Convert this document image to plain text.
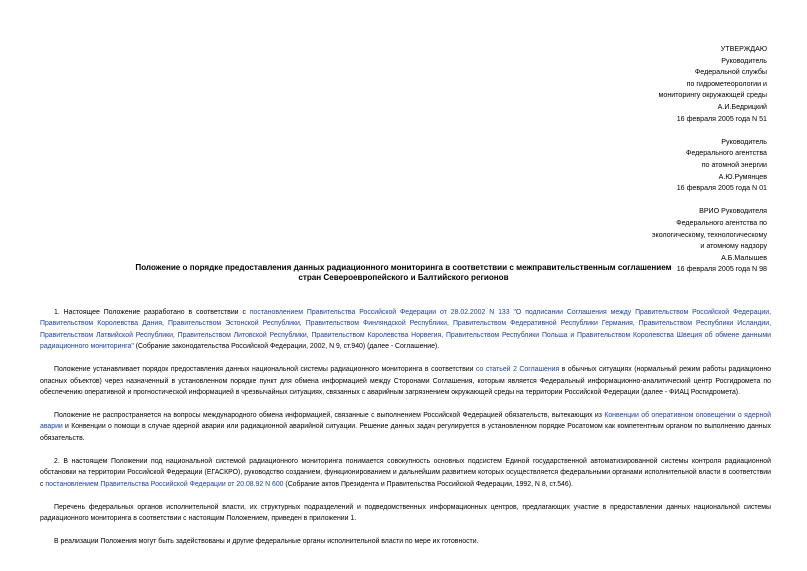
УТВЕРЖДАЮ
Руководитель
Федеральной службы
по гидрометеорологии и
мониторингу окружающей среды
А.И.Бедрицкий
16 февраля 2005 года N 51
Руководитель
Федерального агентства
по атомной энергии
А.Ю.Румянцев
16 февраля 2005 года N 01
ВРИО Руководителя
Федерального агентства по
экологическому, технологическому
и атомному надзору
А.Б.Малышев
16 февраля 2005 года N 98
Положение о порядке предоставления данных радиационного мониторинга в соответствии с межправительственным соглашением
стран Североевропейского и Балтийского регионов

1. Настоящее Положение разработано в соответствии с постановлением Правительства Российской Федерации от 28.02.2002 N 133 "О подписании Соглашения между Правительством Российской Федерации, Правительством Королевства Дания, Правительством Эстонской Республики, Правительством Финляндской Республики, Правительством Федеративной Республики Германия, Правительством Республики Исландии, Правительством Латвийской Республики, Правительством Литовской Республики, Правительством Королевства Норвегия, Правительством Республики Польша и Правительством Королевства Швеция об обмене данными радиационного мониторинга" (Собрание законодательства Российской Федерации, 2002, N 9, ст.940) (далее - Соглашение).

Положение устанавливает порядок предоставления данных национальной системы радиационного мониторинга в соответствии со статьей 2 Соглашения в обычных ситуациях (нормальный режим работы радиационно опасных объектов) через назначенный в установленном порядке пункт для обмена информацией между Сторонами Соглашения, которым является Федеральный информационно-аналитический центр Росгидромета по обеспечению оперативной и прогностической информацией в чрезвычайных ситуациях, связанных с аварийным загрязнением окружающей среды на территории Российской Федерации (далее - ФИАЦ Росгидромета).

Положение не распространяется на вопросы международного обмена информацией, связанные с выполнением Российской Федерацией обязательств, вытекающих из Конвенции об оперативном оповещении о ядерной аварии и Конвенции о помощи в случае ядерной аварии или радиационной аварийной ситуации. Решение данных задач регулируется в установленном порядке Росатомом как компетентным органом по выполнению данных обязательств.

2. В настоящем Положении под национальной системой радиационного мониторинга понимается совокупность основных подсистем Единой государственной автоматизированной системы контроля радиационной обстановки на территории Российской Федерации (ЕГАСКРО), руководство созданием, функционированием и дальнейшим развитием которых осуществляется федеральными органами исполнительной власти в соответствии с постановлением Правительства Российской Федерации от 20.08.92 N 600 (Собрание актов Президента и Правительства Российской Федерации, 1992, N 8, ст.546).

Перечень федеральных органов исполнительной власти, их структурных подразделений и подведомственных информационных центров, предлагающих участие в предоставлении данных национальной системы радиационного мониторинга в соответствии с настоящим Положением, приведен в приложении 1.

В реализации Положения могут быть задействованы и другие федеральные органы исполнительной власти по мере их готовности.
